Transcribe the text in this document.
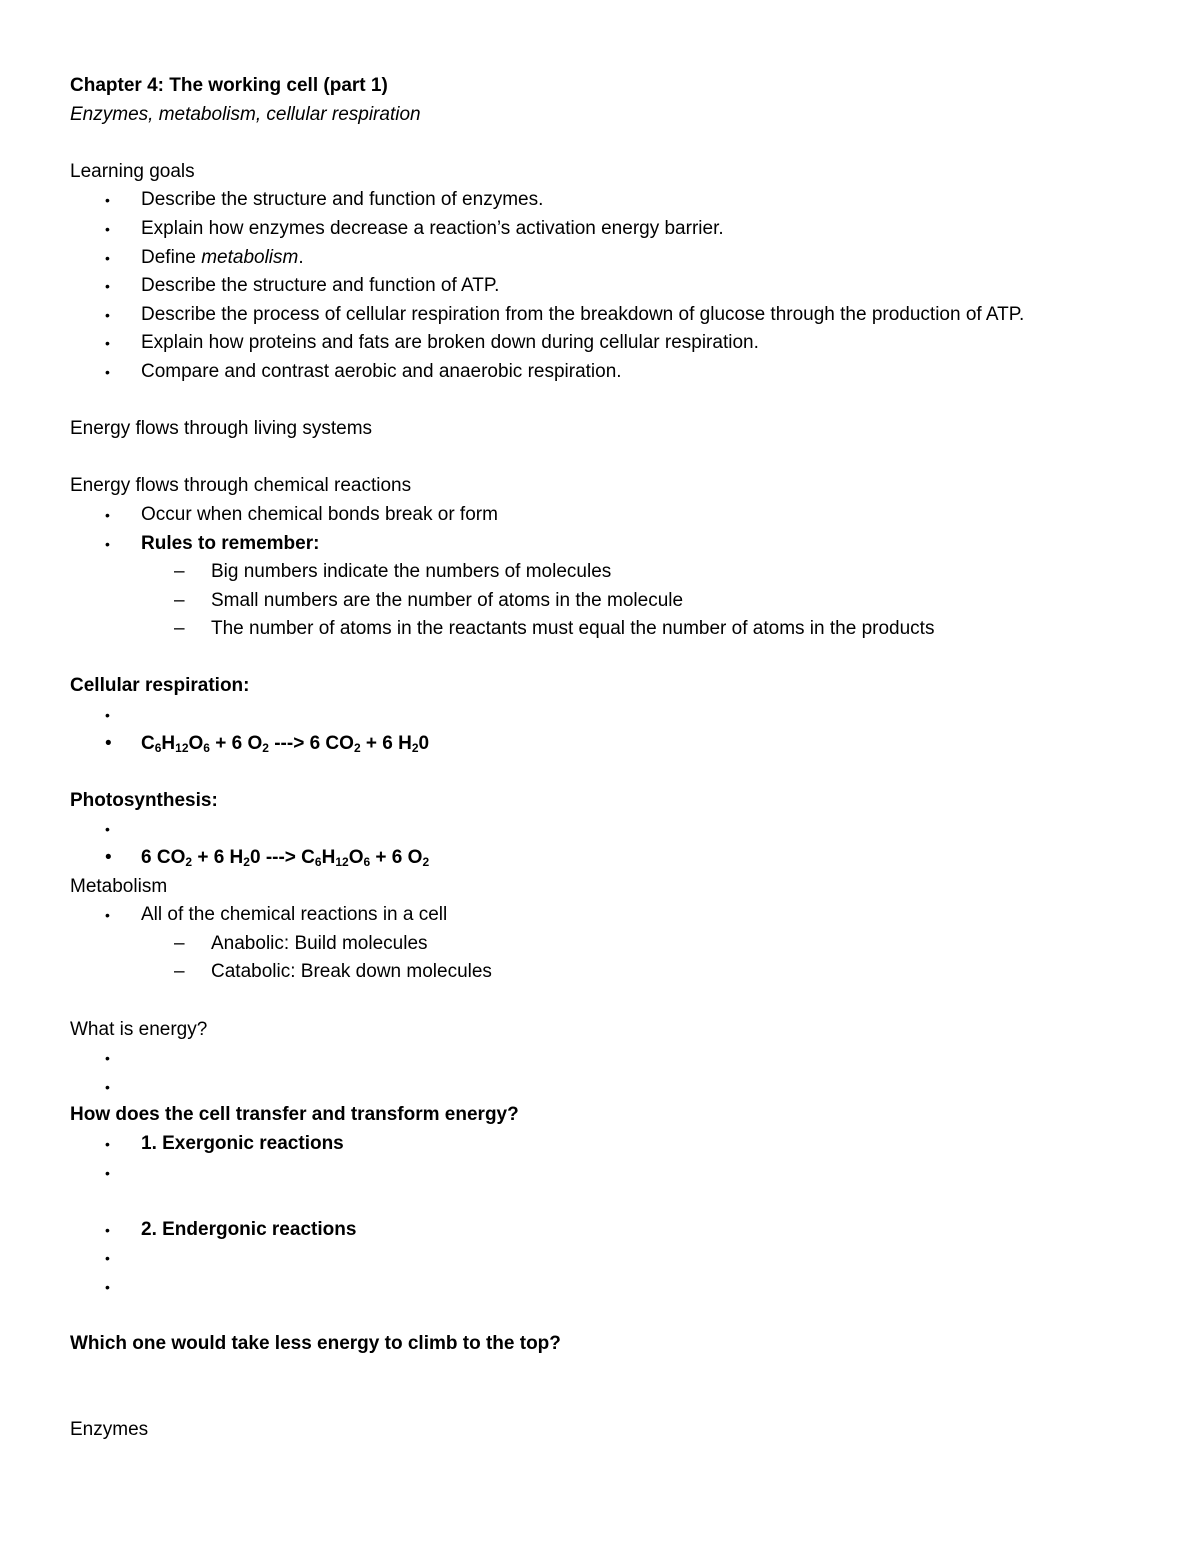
Chapter 4: The working cell (part 1)
Enzymes, metabolism, cellular respiration
Learning goals
•	Describe the structure and function of enzymes.
•	Explain how enzymes decrease a reaction’s activation energy barrier.
•	Define metabolism.
•	Describe the structure and function of ATP.
•	Describe the process of cellular respiration from the breakdown of glucose through the production of ATP.
•	Explain how proteins and fats are broken down during cellular respiration.
•	Compare and contrast aerobic and anaerobic respiration.
Energy flows through living systems
Energy flows through chemical reactions
•	Occur when chemical bonds break or form
•	Rules to remember:
– Big numbers indicate the numbers of molecules
– Small numbers are the number of atoms in the molecule
– The number of atoms in the reactants must equal the number of atoms in the products
Cellular respiration:
•
•	$C_6H_{12}O_6 + 6$ $O_2$ ---> 6 $CO_2 + 6$ $H_20$
Photosynthesis:
•
•	6 $CO_2 + 6$ $H_20$ ---> $C_6H_{12}O_6 + 6$ $O_2$
Metabolism
•	All of the chemical reactions in a cell
– Anabolic: Build molecules
– Catabolic: Break down molecules
What is energy?
•
•
How does the cell transfer and transform energy?
•	1. Exergonic reactions
•
•	2. Endergonic reactions
•
•
Which one would take less energy to climb to the top?
Enzymes
